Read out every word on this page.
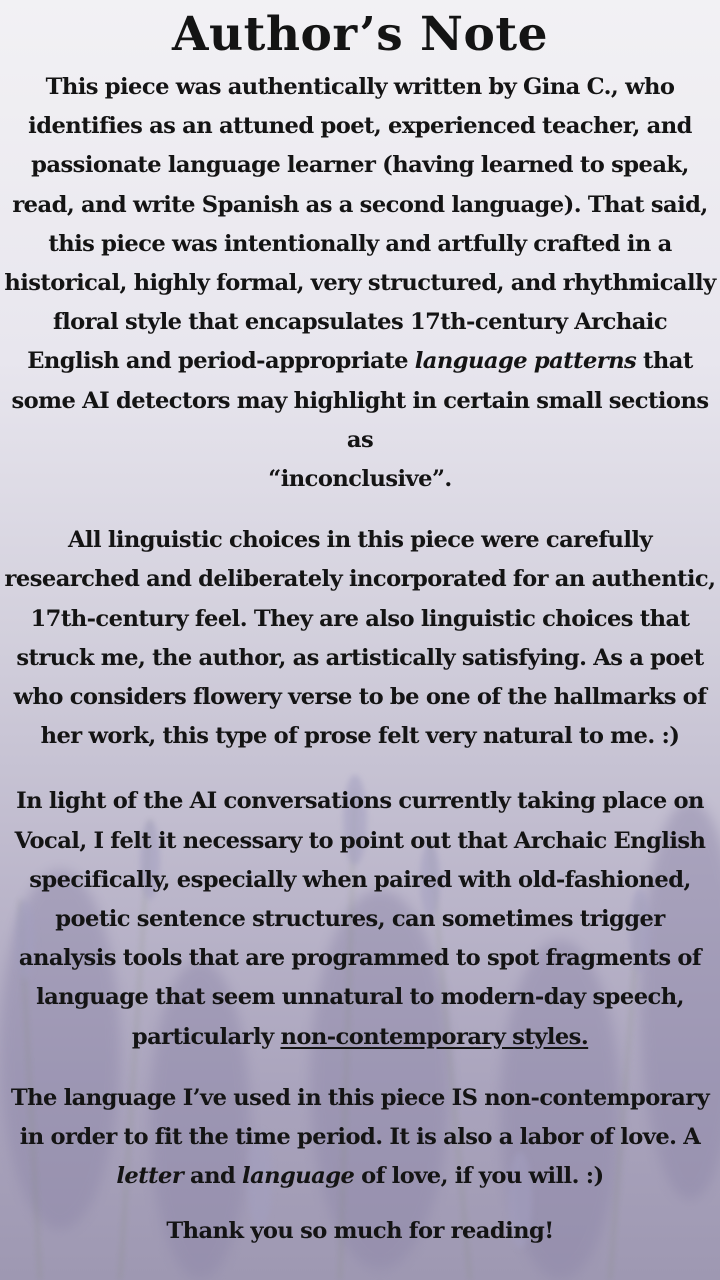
Author’s Note

This piece was authentically written by Gina C., who identifies as an attuned poet, experienced teacher, and passionate language learner (having learned to speak, read, and write Spanish as a second language). That said, this piece was intentionally and artfully crafted in a historical, highly formal, very structured, and rhythmically floral style that encapsulates 17th-century Archaic English and period-appropriate language patterns that some AI detectors may highlight in certain small sections as
“inconclusive”.

All linguistic choices in this piece were carefully researched and deliberately incorporated for an authentic, 17th-century feel. They are also linguistic choices that struck me, the author, as artistically satisfying. As a poet who considers flowery verse to be one of the hallmarks of her work, this type of prose felt very natural to me. :)

In light of the AI conversations currently taking place on Vocal, I felt it necessary to point out that Archaic English specifically, especially when paired with old-fashioned, poetic sentence structures, can sometimes trigger analysis tools that are programmed to spot fragments of language that seem unnatural to modern-day speech, particularly non-contemporary styles.

The language I’ve used in this piece IS non-contemporary in order to fit the time period. It is also a labor of love. A letter and language of love, if you will. :)

Thank you so much for reading!
